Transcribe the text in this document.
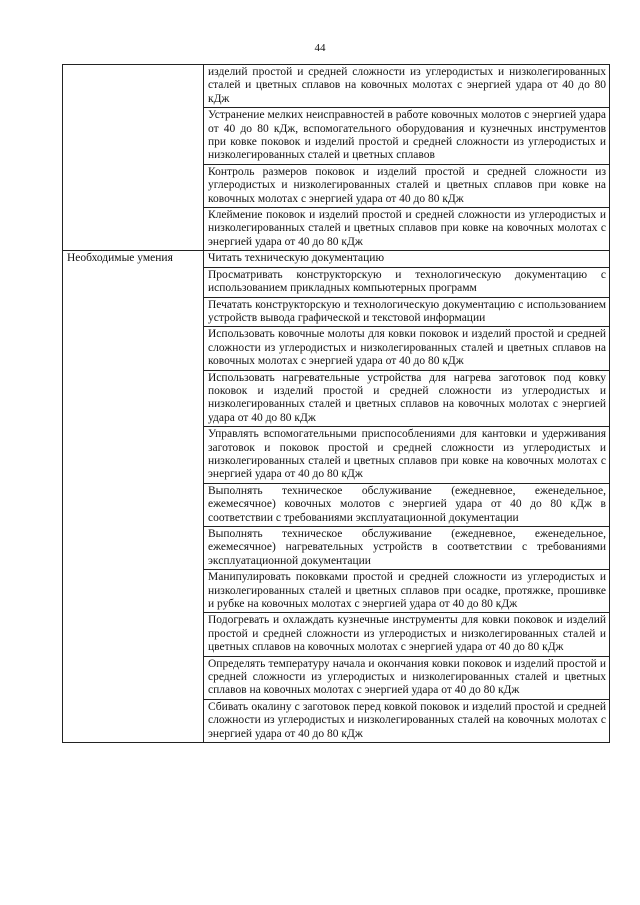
44
	изделий простой и средней сложности из углеродистых и низколегированных сталей и цветных сплавов на ковочных молотах с энергией удара от 40 до 80 кДж
	Устранение мелких неисправностей в работе ковочных молотов с энергией удара от 40 до 80 кДж, вспомогательного оборудования и кузнечных инструментов при ковке поковок и изделий простой и средней сложности из углеродистых и низколегированных сталей и цветных сплавов
	Контроль размеров поковок и изделий простой и средней сложности из углеродистых и низколегированных сталей и цветных сплавов при ковке на ковочных молотах с энергией удара от 40 до 80 кДж
	Клеймение поковок и изделий простой и средней сложности из углеродистых и низколегированных сталей и цветных сплавов при ковке на ковочных молотах с энергией удара от 40 до 80 кДж
Необходимые умения	Читать техническую документацию
	Просматривать конструкторскую и технологическую документацию с использованием прикладных компьютерных программ
	Печатать конструкторскую и технологическую документацию с использованием устройств вывода графической и текстовой информации
	Использовать ковочные молоты для ковки поковок и изделий простой и средней сложности из углеродистых и низколегированных сталей и цветных сплавов на ковочных молотах с энергией удара от 40 до 80 кДж
	Использовать нагревательные устройства для нагрева заготовок под ковку поковок и изделий простой и средней сложности из углеродистых и низколегированных сталей и цветных сплавов на ковочных молотах с энергией удара от 40 до 80 кДж
	Управлять вспомогательными приспособлениями для кантовки и удерживания заготовок и поковок простой и средней сложности из углеродистых и низколегированных сталей и цветных сплавов при ковке на ковочных молотах с энергией удара от 40 до 80 кДж
	Выполнять техническое обслуживание (ежедневное, еженедельное, ежемесячное) ковочных молотов с энергией удара от 40 до 80 кДж в соответствии с требованиями эксплуатационной документации
	Выполнять техническое обслуживание (ежедневное, еженедельное, ежемесячное) нагревательных устройств в соответствии с требованиями эксплуатационной документации
	Манипулировать поковками простой и средней сложности из углеродистых и низколегированных сталей и цветных сплавов при осадке, протяжке, прошивке и рубке на ковочных молотах с энергией удара от 40 до 80 кДж
	Подогревать и охлаждать кузнечные инструменты для ковки поковок и изделий простой и средней сложности из углеродистых и низколегированных сталей и цветных сплавов на ковочных молотах с энергией удара от 40 до 80 кДж
	Определять температуру начала и окончания ковки поковок и изделий простой и средней сложности из углеродистых и низколегированных сталей и цветных сплавов на ковочных молотах с энергией удара от 40 до 80 кДж
	Сбивать окалину с заготовок перед ковкой поковок и изделий простой и средней сложности из углеродистых и низколегированных сталей на ковочных молотах с энергией удара от 40 до 80 кДж
